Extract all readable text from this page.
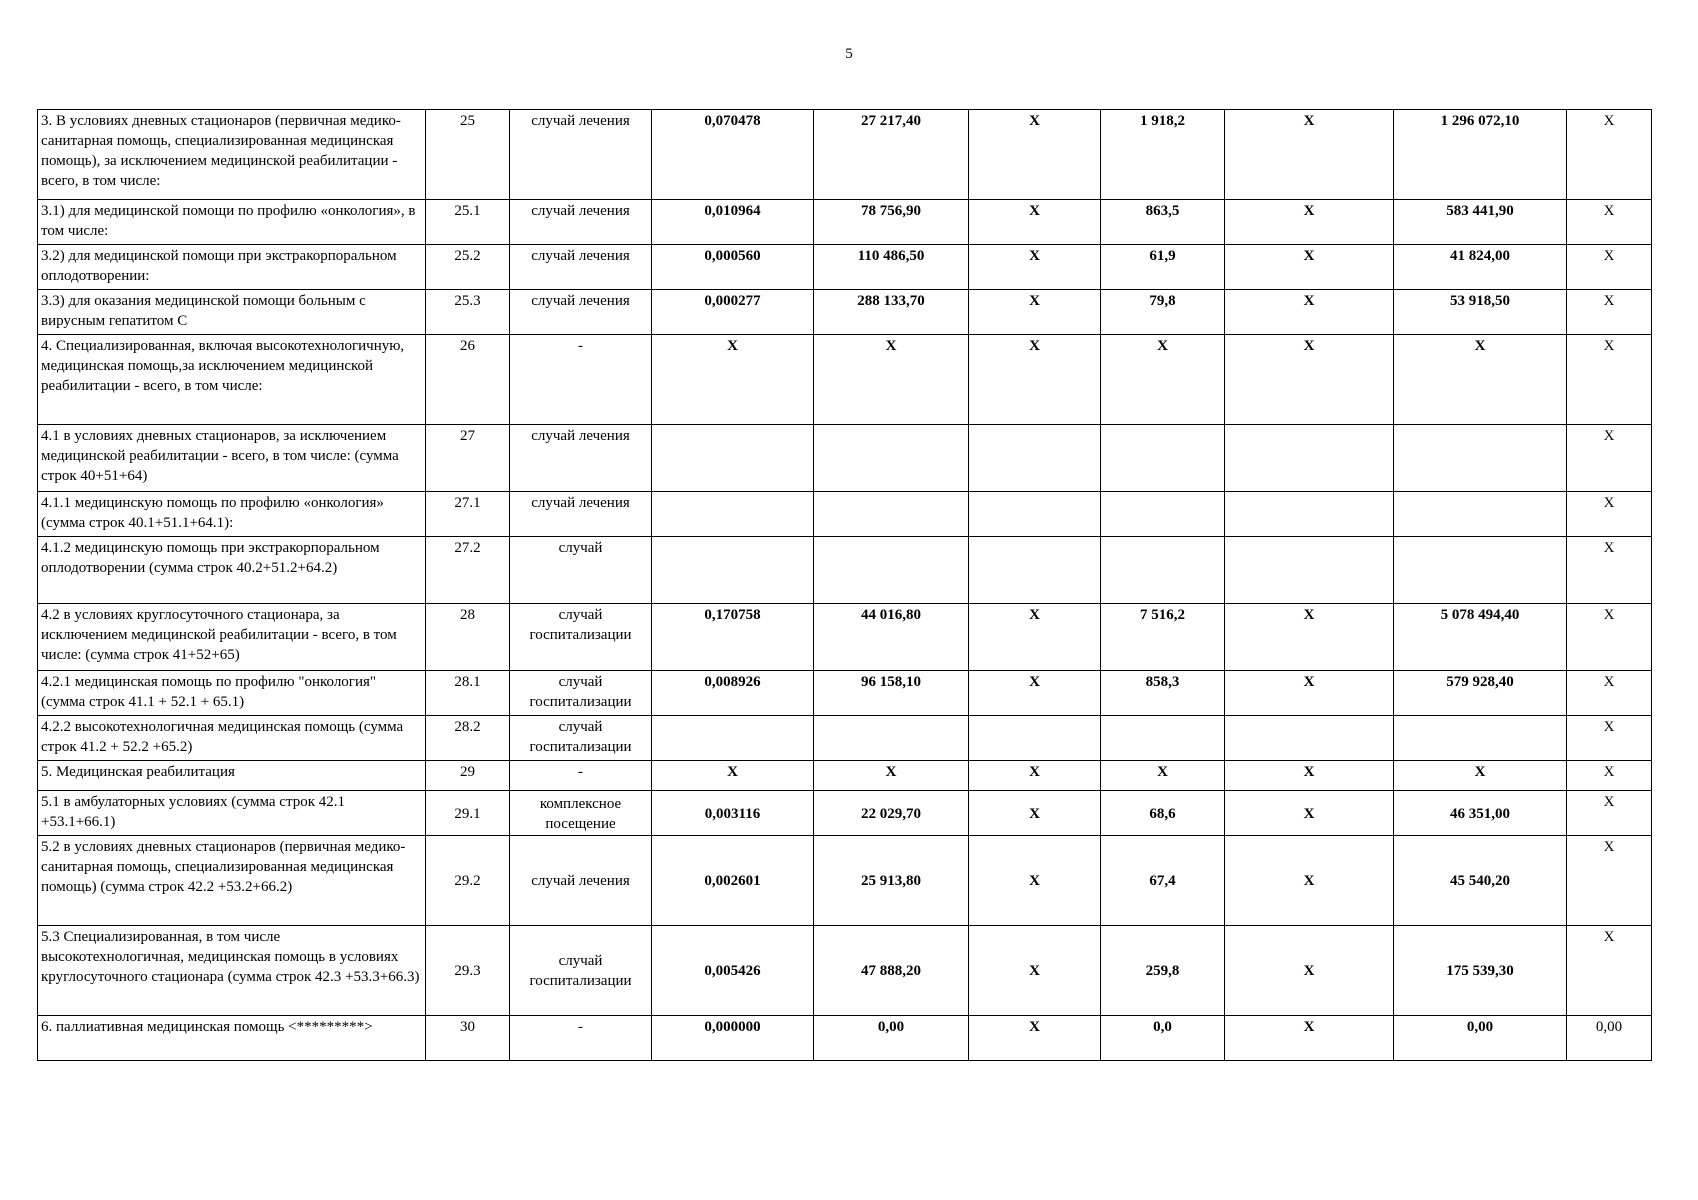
5
3. В условиях дневных стационаров (первичная медико-санитарная помощь, специализированная медицинская помощь), за исключением медицинской реабилитации - всего, в том числе:	25	случай лечения	0,070478	27 217,40	X	1 918,2	X	1 296 072,10	X
3.1) для медицинской помощи по профилю «онкология», в том числе:	25.1	случай лечения	0,010964	78 756,90	X	863,5	X	583 441,90	X
3.2) для медицинской помощи при экстракорпоральном оплодотворении:	25.2	случай лечения	0,000560	110 486,50	X	61,9	X	41 824,00	X
3.3) для оказания медицинской помощи больным с вирусным гепатитом С	25.3	случай лечения	0,000277	288 133,70	X	79,8	X	53 918,50	X
4. Специализированная, включая высокотехнологичную, медицинская помощь,за исключением медицинской реабилитации - всего, в том числе:	26	-	X	X	X	X	X	X	X
4.1 в условиях дневных стационаров, за исключением медицинской реабилитации - всего, в том числе: (сумма строк 40+51+64)	27	случай лечения							X
4.1.1 медицинскую помощь по профилю «онкология» (сумма строк 40.1+51.1+64.1):	27.1	случай лечения							X
4.1.2 медицинскую помощь при экстракорпоральном оплодотворении (сумма строк 40.2+51.2+64.2)	27.2	случай							X
4.2 в условиях круглосуточного стационара, за исключением медицинской реабилитации - всего, в том числе: (сумма строк 41+52+65)	28	случай госпитализации	0,170758	44 016,80	X	7 516,2	X	5 078 494,40	X
4.2.1 медицинская помощь по профилю "онкология" (сумма строк 41.1 + 52.1 + 65.1)	28.1	случай госпитализации	0,008926	96 158,10	X	858,3	X	579 928,40	X
4.2.2 высокотехнологичная медицинская помощь (сумма строк 41.2 + 52.2 +65.2)	28.2	случай госпитализации							X
5. Медицинская реабилитация	29	-	X	X	X	X	X	X	X
5.1 в амбулаторных условиях (сумма строк 42.1 +53.1+66.1)	29.1	комплексное посещение	0,003116	22 029,70	X	68,6	X	46 351,00	X
5.2 в условиях дневных стационаров (первичная медико-санитарная помощь, специализированная медицинская помощь) (сумма строк 42.2 +53.2+66.2)	29.2	случай лечения	0,002601	25 913,80	X	67,4	X	45 540,20	X
5.3 Специализированная, в том числе высокотехнологичная, медицинская помощь в условиях круглосуточного стационара (сумма строк 42.3 +53.3+66.3)	29.3	случай госпитализации	0,005426	47 888,20	X	259,8	X	175 539,30	X
6. паллиативная медицинская помощь <*********>	30	-	0,000000	0,00	X	0,0	X	0,00	0,00
